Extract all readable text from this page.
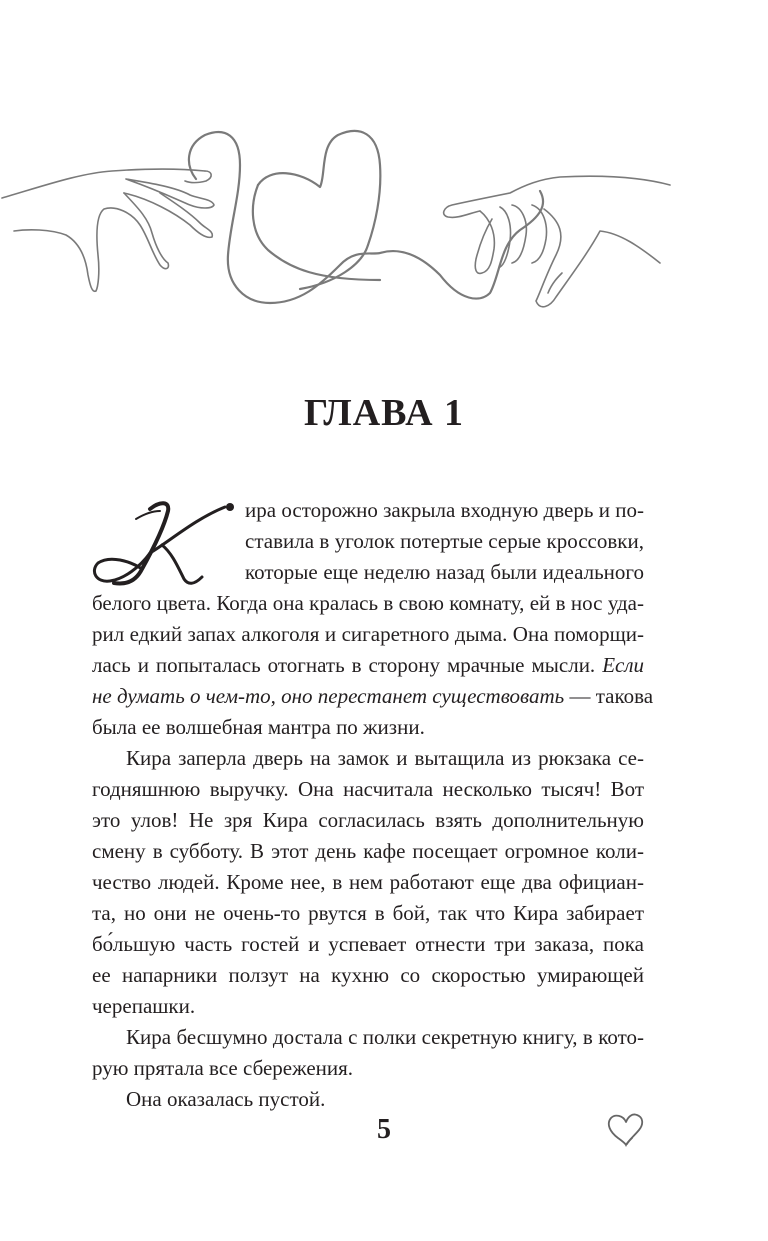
ГЛАВА 1
ира осторожно закрыла входную дверь и по-
ставила в уголок потертые серые кроссовки,
которые еще неделю назад были идеального
белого цвета. Когда она кралась в свою комнату, ей в нос уда-
рил едкий запах алкоголя и сигаретного дыма. Она поморщи-
лась и попыталась отогнать в сторону мрачные мысли. Если
не думать о чем-то, оно перестанет существовать — такова
была ее волшебная мантра по жизни.
Кира заперла дверь на замок и вытащила из рюкзака се-
годняшнюю выручку. Она насчитала несколько тысяч! Вот
это улов! Не зря Кира согласилась взять дополнительную
смену в субботу. В этот день кафе посещает огромное коли-
чество людей. Кроме нее, в нем работают еще два официан-
та, но они не очень-то рвутся в бой, так что Кира забирает
бо́льшую часть гостей и успевает отнести три заказа, пока
ее напарники ползут на кухню со скоростью умирающей
черепашки.
Кира бесшумно достала с полки секретную книгу, в кото-
рую прятала все сбережения.
Она оказалась пустой.
5
